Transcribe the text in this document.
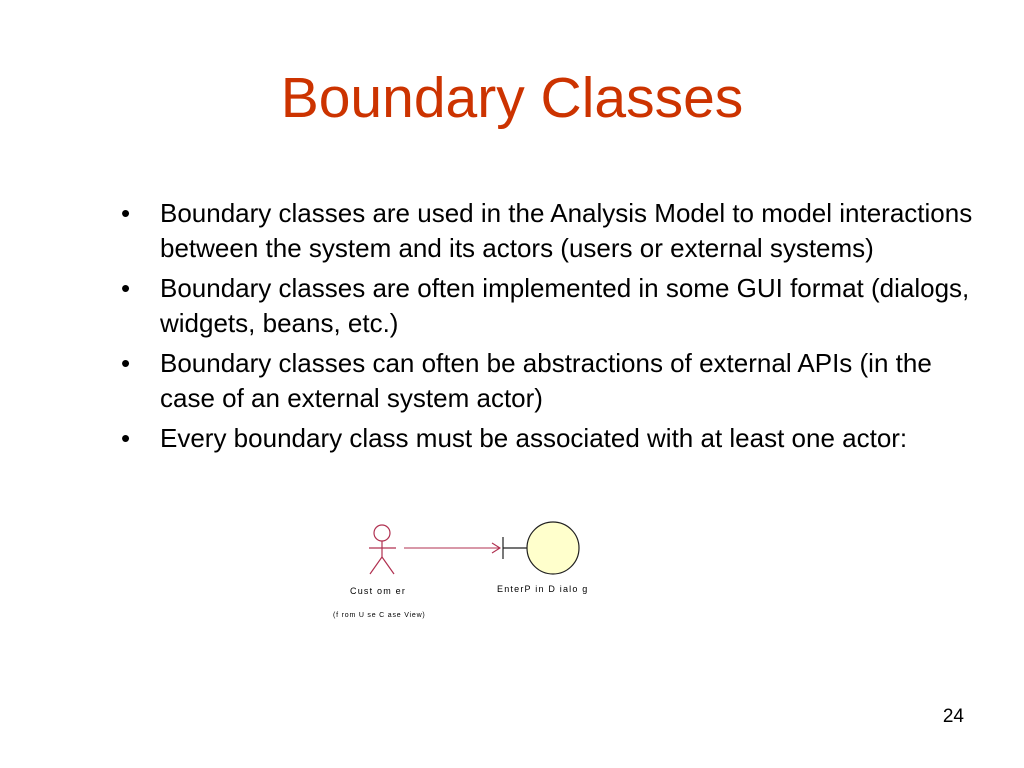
Boundary Classes
• Boundary classes are used in the Analysis Model to model interactions between the system and its actors (users or external systems)
• Boundary classes are often implemented in some GUI format (dialogs, widgets, beans, etc.)
• Boundary classes can often be abstractions of external APIs (in the case of an external system actor)
• Every boundary class must be associated with at least one actor:
Cust om er
(f rom U se C ase View)
EnterP in D ialo g
24
